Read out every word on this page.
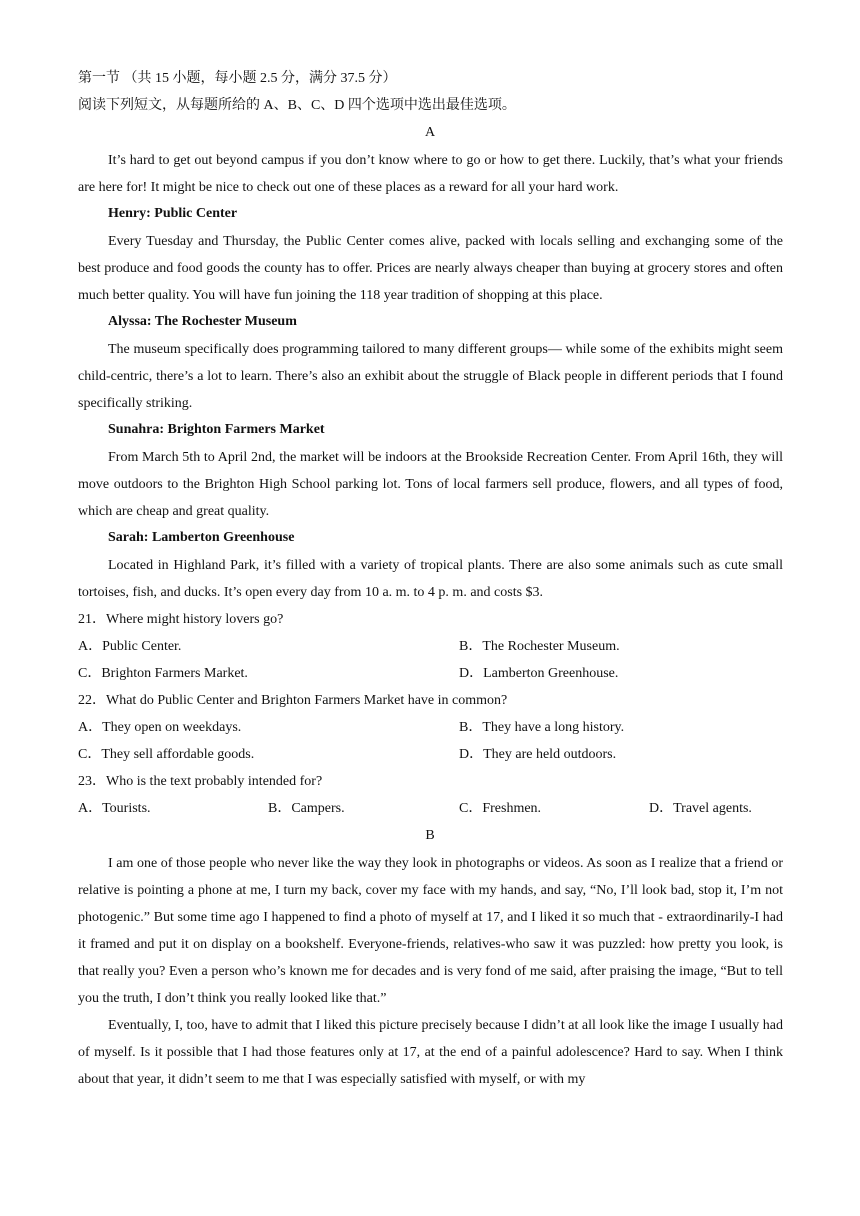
第一节 （共 15 小题，每小题 2.5 分，满分 37.5 分）
阅读下列短文，从每题所给的 A、B、C、D 四个选项中选出最佳选项。
A
It’s hard to get out beyond campus if you don’t know where to go or how to get there. Luckily, that’s what your friends are here for! It might be nice to check out one of these places as a reward for all your hard work.
Henry: Public Center
Every Tuesday and Thursday, the Public Center comes alive, packed with locals selling and exchanging some of the best produce and food goods the county has to offer. Prices are nearly always cheaper than buying at grocery stores and often much better quality. You will have fun joining the 118 year tradition of shopping at this place.
Alyssa: The Rochester Museum
The museum specifically does programming tailored to many different groups— while some of the exhibits might seem child-centric, there’s a lot to learn. There’s also an exhibit about the struggle of Black people in different periods that I found specifically striking.
Sunahra: Brighton Farmers Market
From March 5th to April 2nd, the market will be indoors at the Brookside Recreation Center. From April 16th, they will move outdoors to the Brighton High School parking lot. Tons of local farmers sell produce, flowers, and all types of food, which are cheap and great quality.
Sarah: Lamberton Greenhouse
Located in Highland Park, it’s filled with a variety of tropical plants. There are also some animals such as cute small tortoises, fish, and ducks. It’s open every day from 10 a. m. to 4 p. m. and costs $3.
21．Where might history lovers go?
A．Public Center.	B．The Rochester Museum.
C．Brighton Farmers Market.	D．Lamberton Greenhouse.
22．What do Public Center and Brighton Farmers Market have in common?
A．They open on weekdays.	B．They have a long history.
C．They sell affordable goods.	D．They are held outdoors.
23．Who is the text probably intended for?
A．Tourists.	B．Campers.	C．Freshmen.	D．Travel agents.
B
I am one of those people who never like the way they look in photographs or videos. As soon as I realize that a friend or relative is pointing a phone at me, I turn my back, cover my face with my hands, and say, “No, I’ll look bad, stop it, I’m not photogenic.” But some time ago I happened to find a photo of myself at 17, and I liked it so much that - extraordinarily-I had it framed and put it on display on a bookshelf. Everyone-friends, relatives-who saw it was puzzled: how pretty you look, is that really you? Even a person who’s known me for decades and is very fond of me said, after praising the image, “But to tell you the truth, I don’t think you really looked like that.”
Eventually, I, too, have to admit that I liked this picture precisely because I didn’t at all look like the image I usually had of myself. Is it possible that I had those features only at 17, at the end of a painful adolescence? Hard to say. When I think about that year, it didn’t seem to me that I was especially satisfied with myself, or with my
